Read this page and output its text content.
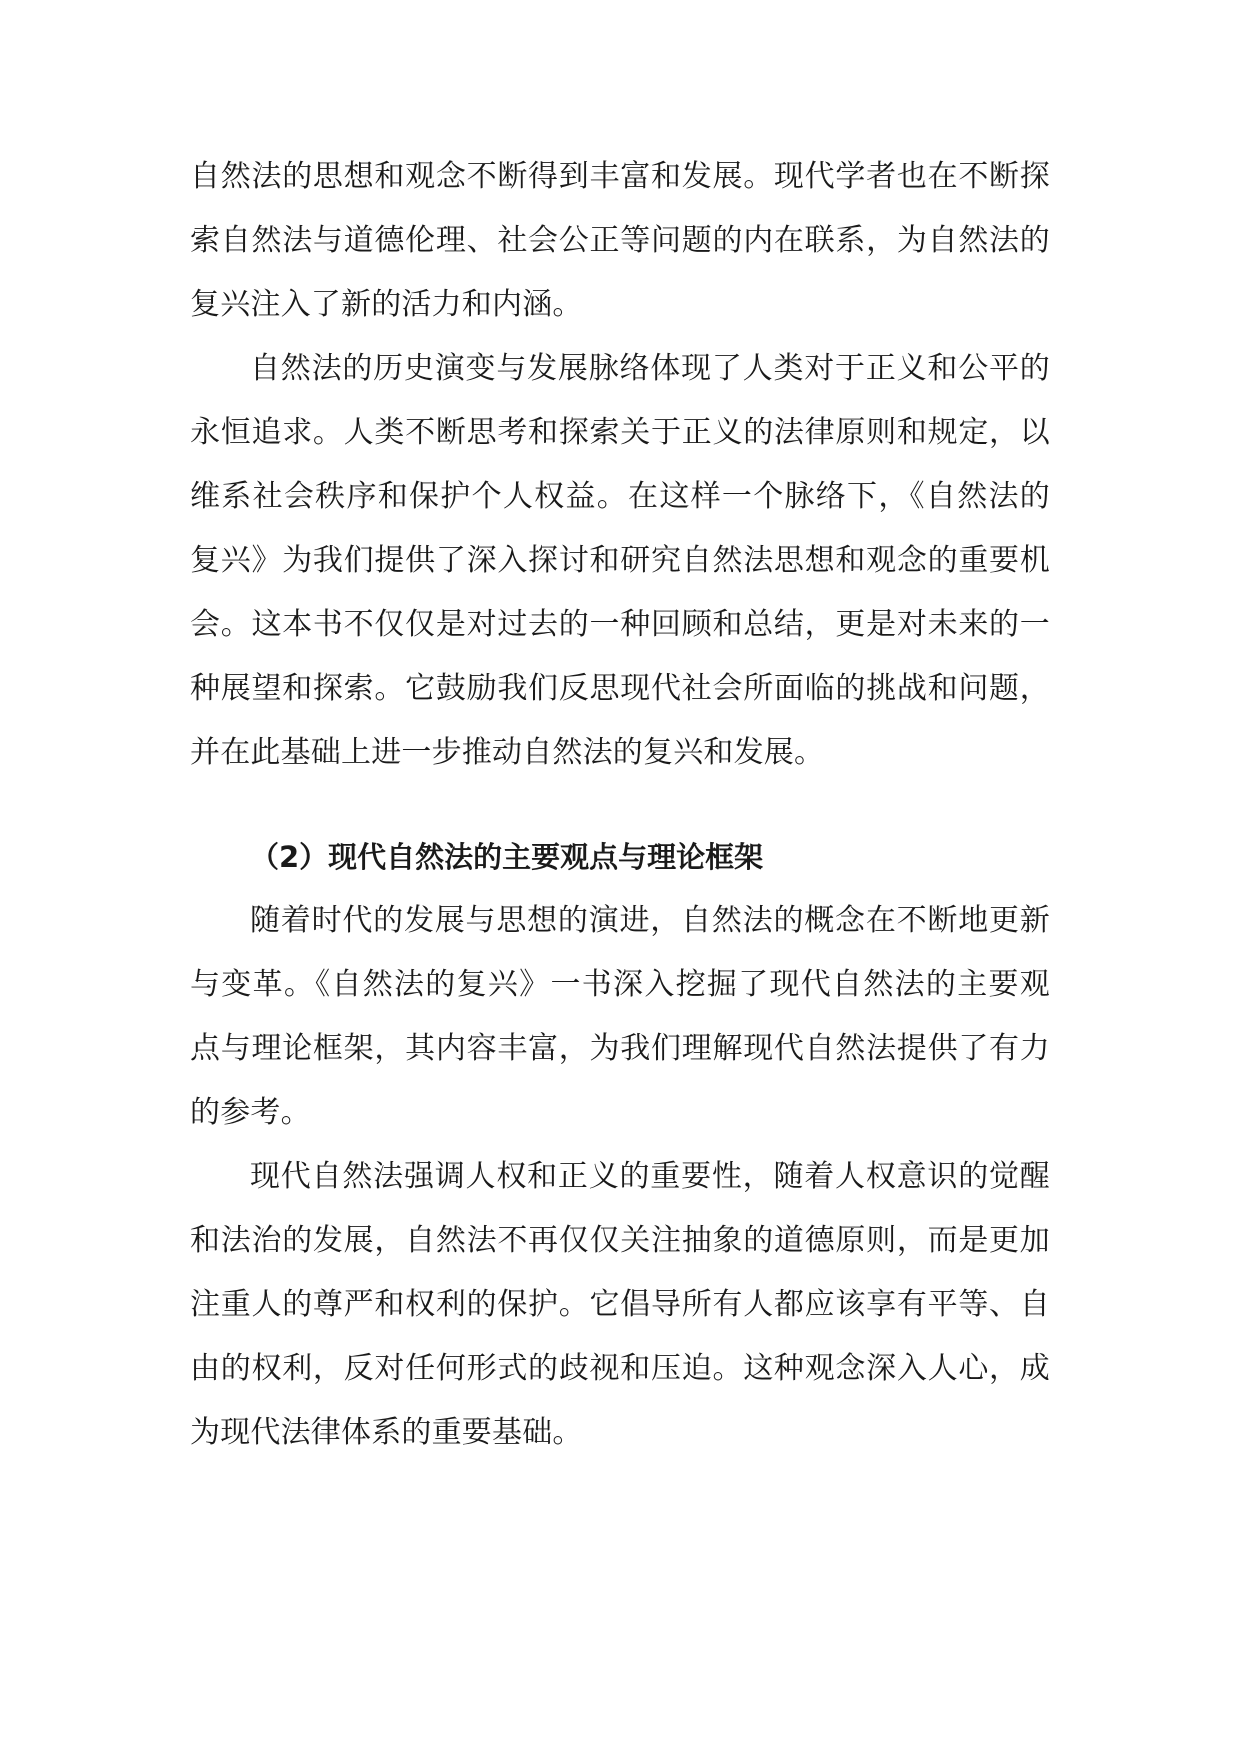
自然法的思想和观念不断得到丰富和发展。现代学者也在不断探索自然法与道德伦理、社会公正等问题的内在联系，为自然法的复兴注入了新的活力和内涵。

自然法的历史演变与发展脉络体现了人类对于正义和公平的永恒追求。人类不断思考和探索关于正义的法律原则和规定，以维系社会秩序和保护个人权益。在这样一个脉络下，《自然法的复兴》为我们提供了深入探讨和研究自然法思想和观念的重要机会。这本书不仅仅是对过去的一种回顾和总结，更是对未来的一种展望和探索。它鼓励我们反思现代社会所面临的挑战和问题，并在此基础上进一步推动自然法的复兴和发展。

（2）现代自然法的主要观点与理论框架

随着时代的发展与思想的演进，自然法的概念在不断地更新与变革。《自然法的复兴》一书深入挖掘了现代自然法的主要观点与理论框架，其内容丰富，为我们理解现代自然法提供了有力的参考。

现代自然法强调人权和正义的重要性，随着人权意识的觉醒和法治的发展，自然法不再仅仅关注抽象的道德原则，而是更加注重人的尊严和权利的保护。它倡导所有人都应该享有平等、自由的权利，反对任何形式的歧视和压迫。这种观念深入人心，成为现代法律体系的重要基础。
